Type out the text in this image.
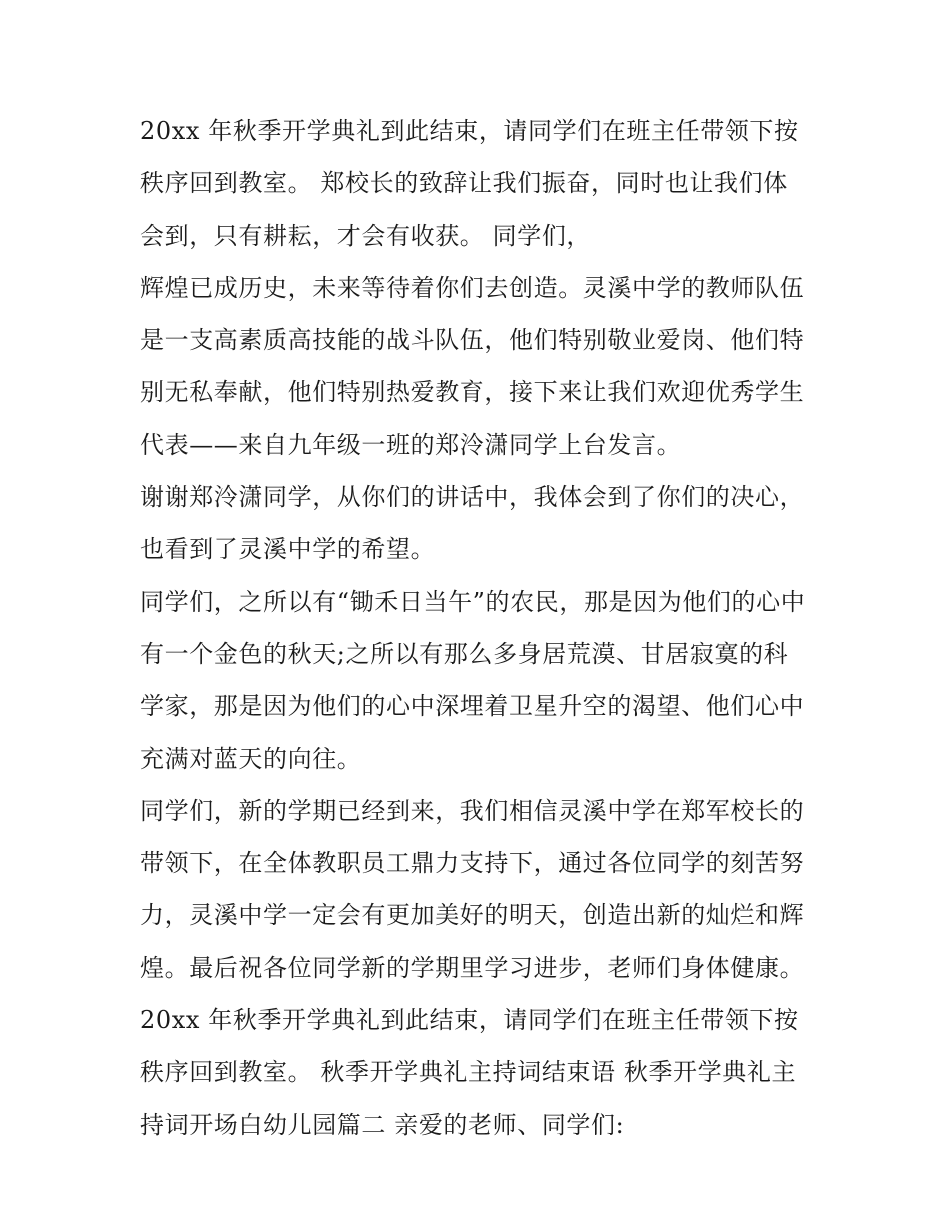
20xx 年秋季开学典礼到此结束，请同学们在班主任带领下按
秩序回到教室。 郑校长的致辞让我们振奋，同时也让我们体
会到，只有耕耘，才会有收获。 同学们，
辉煌已成历史，未来等待着你们去创造。灵溪中学的教师队伍
是一支高素质高技能的战斗队伍，他们特别敬业爱岗、他们特
别无私奉献，他们特别热爱教育，接下来让我们欢迎优秀学生
代表——来自九年级一班的郑泠潇同学上台发言。
谢谢郑泠潇同学，从你们的讲话中，我体会到了你们的决心，
也看到了灵溪中学的希望。
同学们，之所以有“锄禾日当午”的农民，那是因为他们的心中
有一个金色的秋天;之所以有那么多身居荒漠、甘居寂寞的科
学家，那是因为他们的心中深埋着卫星升空的渴望、他们心中
充满对蓝天的向往。
同学们，新的学期已经到来，我们相信灵溪中学在郑军校长的
带领下，在全体教职员工鼎力支持下，通过各位同学的刻苦努
力，灵溪中学一定会有更加美好的明天，创造出新的灿烂和辉
煌。最后祝各位同学新的学期里学习进步，老师们身体健康。
20xx 年秋季开学典礼到此结束，请同学们在班主任带领下按
秩序回到教室。 秋季开学典礼主持词结束语 秋季开学典礼主
持词开场白幼儿园篇二 亲爱的老师、同学们:
